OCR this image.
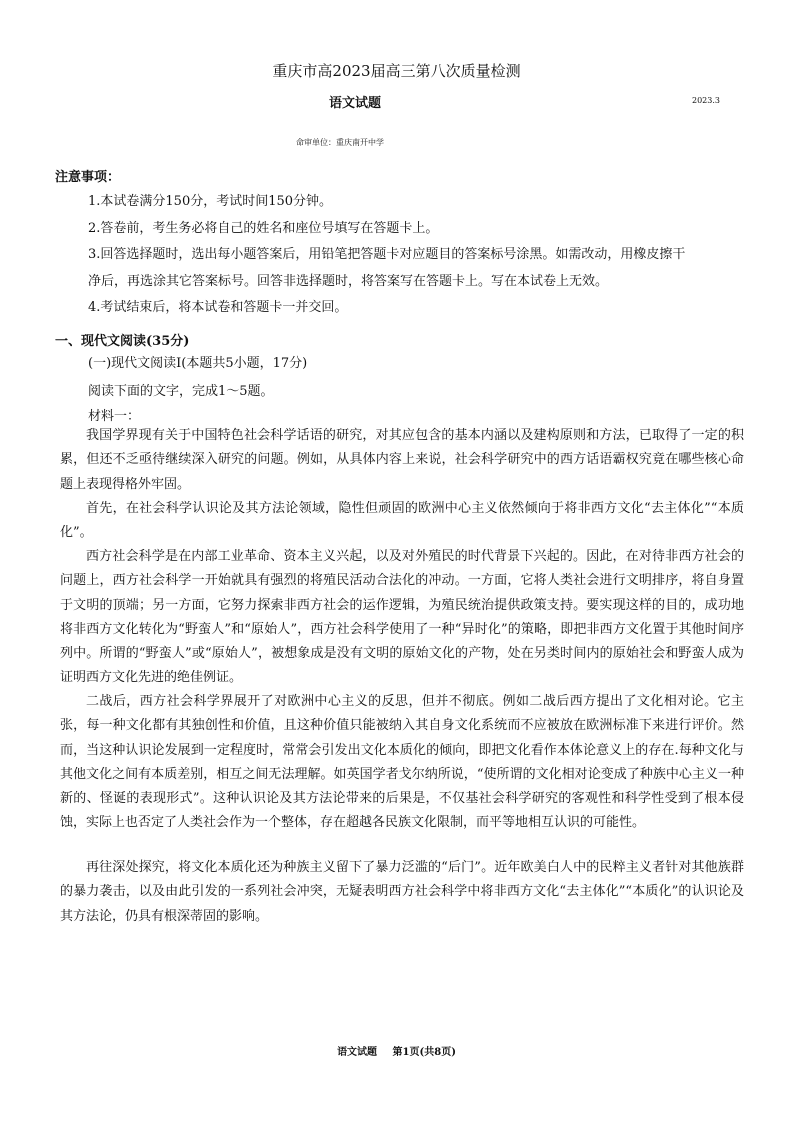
重庆市高2023届高三第八次质量检测
语文试题	2023.3
命审单位：重庆南开中学
注意事项：
1.本试卷满分150分，考试时间150分钟。
2.答卷前，考生务必将自己的姓名和座位号填写在答题卡上。
3.回答选择题时，选出每小题答案后，用铅笔把答题卡对应题目的答案标号涂黑。如需改动，用橡皮擦干
净后，再选涂其它答案标号。回答非选择题时，将答案写在答题卡上。写在本试卷上无效。
4.考试结束后，将本试卷和答题卡一并交回。
一、现代文阅读(35分)
(一)现代文阅读Ⅰ(本题共5小题，17分)
阅读下面的文字，完成1～5题。
材料一：
我国学界现有关于中国特色社会科学话语的研究，对其应包含的基本内涵以及建构原则和方法，已取得了一定的积累，但还不乏亟待继续深入研究的问题。例如，从具体内容上来说，社会科学研究中的西方话语霸权究竟在哪些核心命题上表现得格外牢固。
首先，在社会科学认识论及其方法论领域，隐性但顽固的欧洲中心主义依然倾向于将非西方文化“去主体化”“本质化”。
西方社会科学是在内部工业革命、资本主义兴起，以及对外殖民的时代背景下兴起的。因此，在对待非西方社会的问题上，西方社会科学一开始就具有强烈的将殖民活动合法化的冲动。一方面，它将人类社会进行文明排序，将自身置于文明的顶端；另一方面，它努力探索非西方社会的运作逻辑，为殖民统治提供政策支持。要实现这样的目的，成功地将非西方文化转化为“野蛮人”和“原始人”，西方社会科学使用了一种“异时化”的策略，即把非西方文化置于其他时间序列中。所谓的“野蛮人”或“原始人”，被想象成是没有文明的原始文化的产物，处在另类时间内的原始社会和野蛮人成为证明西方文化先进的绝佳例证。
二战后，西方社会科学界展开了对欧洲中心主义的反思，但并不彻底。例如二战后西方提出了文化相对论。它主张，每一种文化都有其独创性和价值，且这种价值只能被纳入其自身文化系统而不应被放在欧洲标准下来进行评价。然而，当这种认识论发展到一定程度时，常常会引发出文化本质化的倾向，即把文化看作本体论意义上的存在.每种文化与其他文化之间有本质差别，相互之间无法理解。如英国学者戈尔纳所说，“使所谓的文化相对论变成了种族中心主义一种新的、怪诞的表现形式”。这种认识论及其方法论带来的后果是，不仅基社会科学研究的客观性和科学性受到了根本侵蚀，实际上也否定了人类社会作为一个整体，存在超越各民族文化限制，而平等地相互认识的可能性。
再往深处探究，将文化本质化还为种族主义留下了暴力泛滥的“后门”。近年欧美白人中的民粹主义者针对其他族群的暴力袭击，以及由此引发的一系列社会冲突，无疑表明西方社会科学中将非西方文化“去主体化”“本质化”的认识论及其方法论，仍具有根深蒂固的影响。
语文试题 第1页(共8页)
